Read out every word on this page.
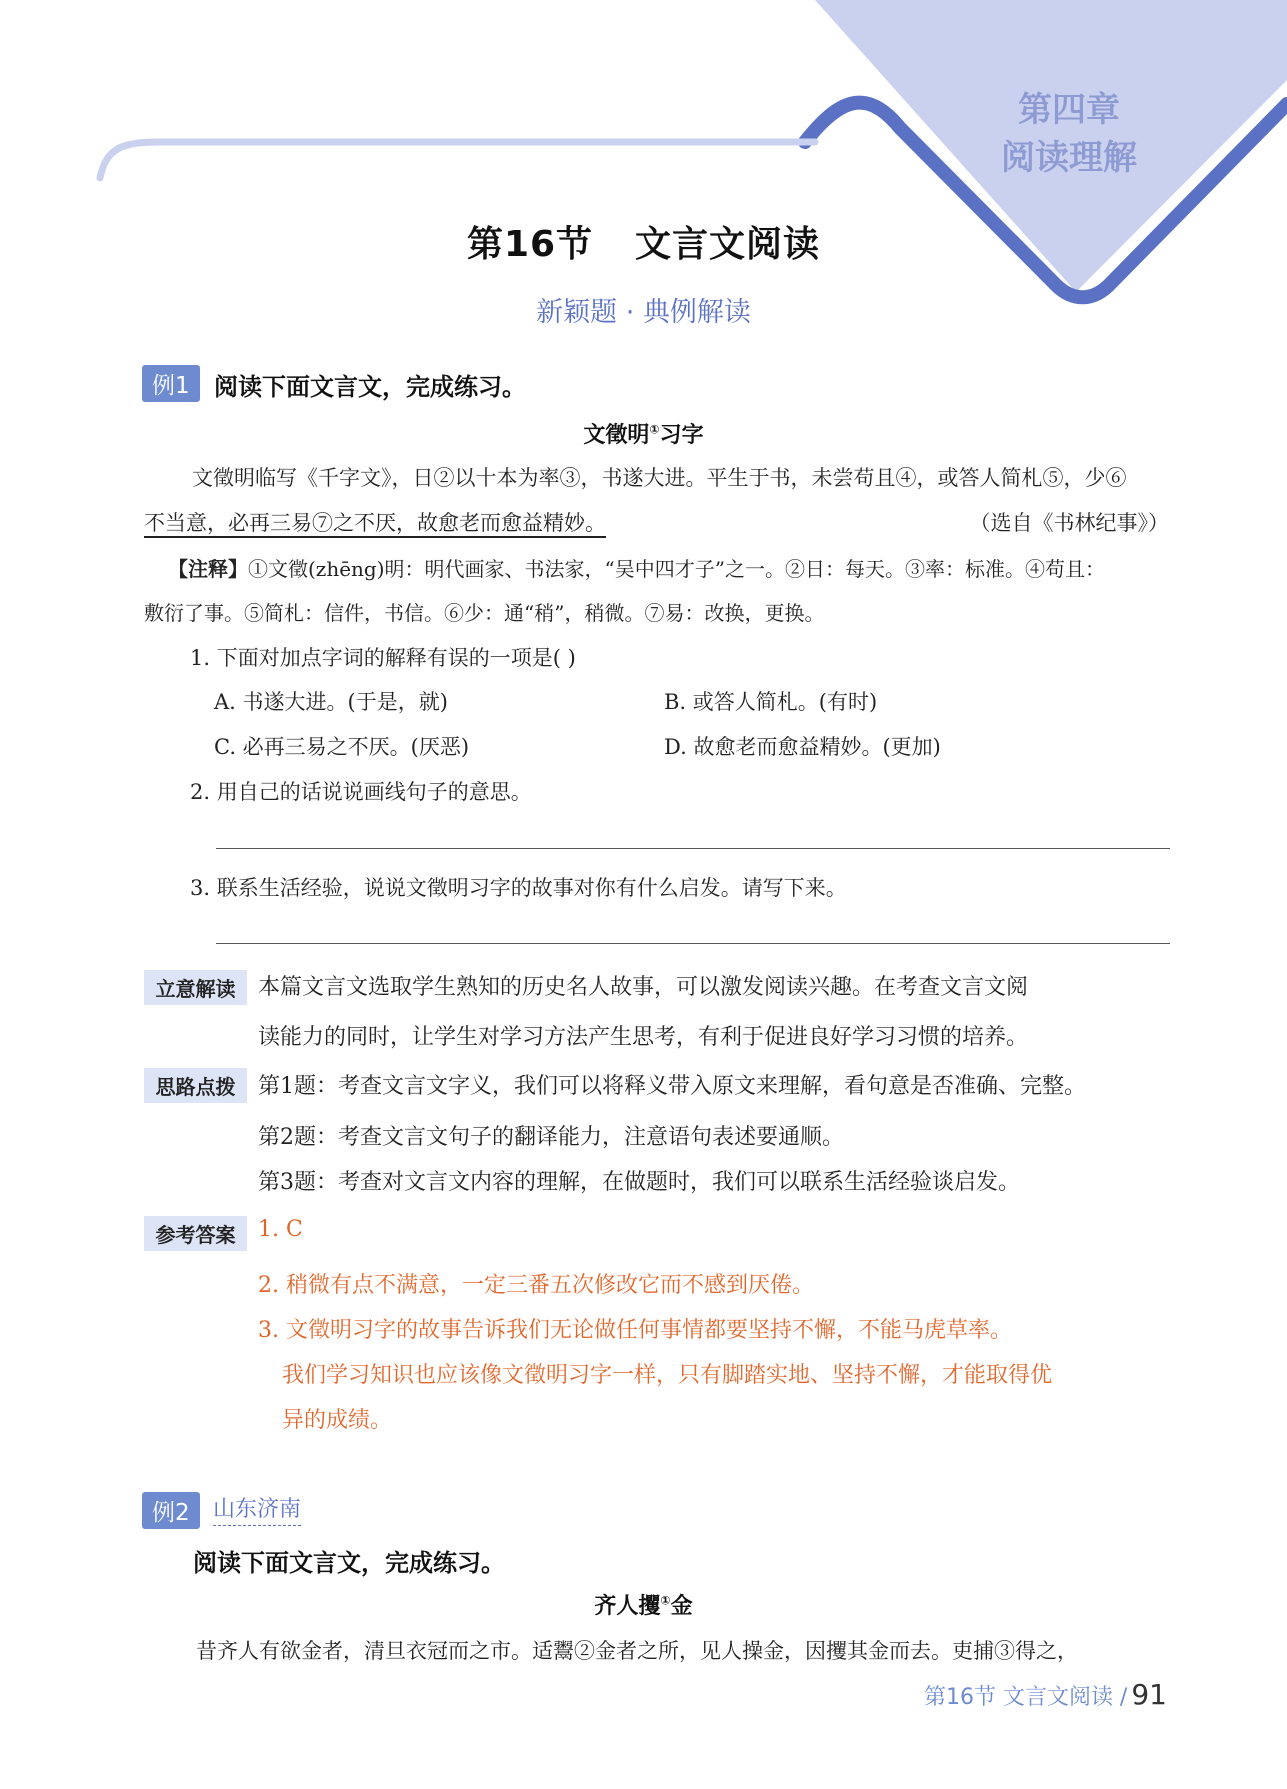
第四章
阅读理解
第16节 文言文阅读
新颖题 · 典例解读
例1	阅读下面文言文，完成练习。
文徵明①习字
文徵明临写《千字文》，日②以十本为率③，书遂大进。平生于书，未尝苟且④，或答人简札⑤，少⑥
不当意，必再三易⑦之不厌，故愈老而愈益精妙。	（选自《书林纪事》）
【注释】①文徵(zhēng)明：明代画家、书法家，“吴中四才子”之一。②日：每天。③率：标准。④苟且：
敷衍了事。⑤简札：信件，书信。⑥少：通“稍”，稍微。⑦易：改换，更换。
1. 下面对加点字词的解释有误的一项是( )
A. 书遂大进。(于是，就)	B. 或答人简札。(有时)
C. 必再三易之不厌。(厌恶)	D. 故愈老而愈益精妙。(更加)
2. 用自己的话说说画线句子的意思。
3. 联系生活经验，说说文徵明习字的故事对你有什么启发。请写下来。
立意解读	本篇文言文选取学生熟知的历史名人故事，可以激发阅读兴趣。在考查文言文阅
读能力的同时，让学生对学习方法产生思考，有利于促进良好学习习惯的培养。
思路点拨	第1题：考查文言文字义，我们可以将释义带入原文来理解，看句意是否准确、完整。
第2题：考查文言文句子的翻译能力，注意语句表述要通顺。
第3题：考查对文言文内容的理解，在做题时，我们可以联系生活经验谈启发。
参考答案	1. C
2. 稍微有点不满意，一定三番五次修改它而不感到厌倦。
3. 文徵明习字的故事告诉我们无论做任何事情都要坚持不懈，不能马虎草率。
我们学习知识也应该像文徵明习字一样，只有脚踏实地、坚持不懈，才能取得优
异的成绩。
例2	山东济南
阅读下面文言文，完成练习。
齐人攫①金
昔齐人有欲金者，清旦衣冠而之市。适鬻②金者之所，见人操金，因攫其金而去。吏捕③得之，
第16节 文言文阅读 / 91
